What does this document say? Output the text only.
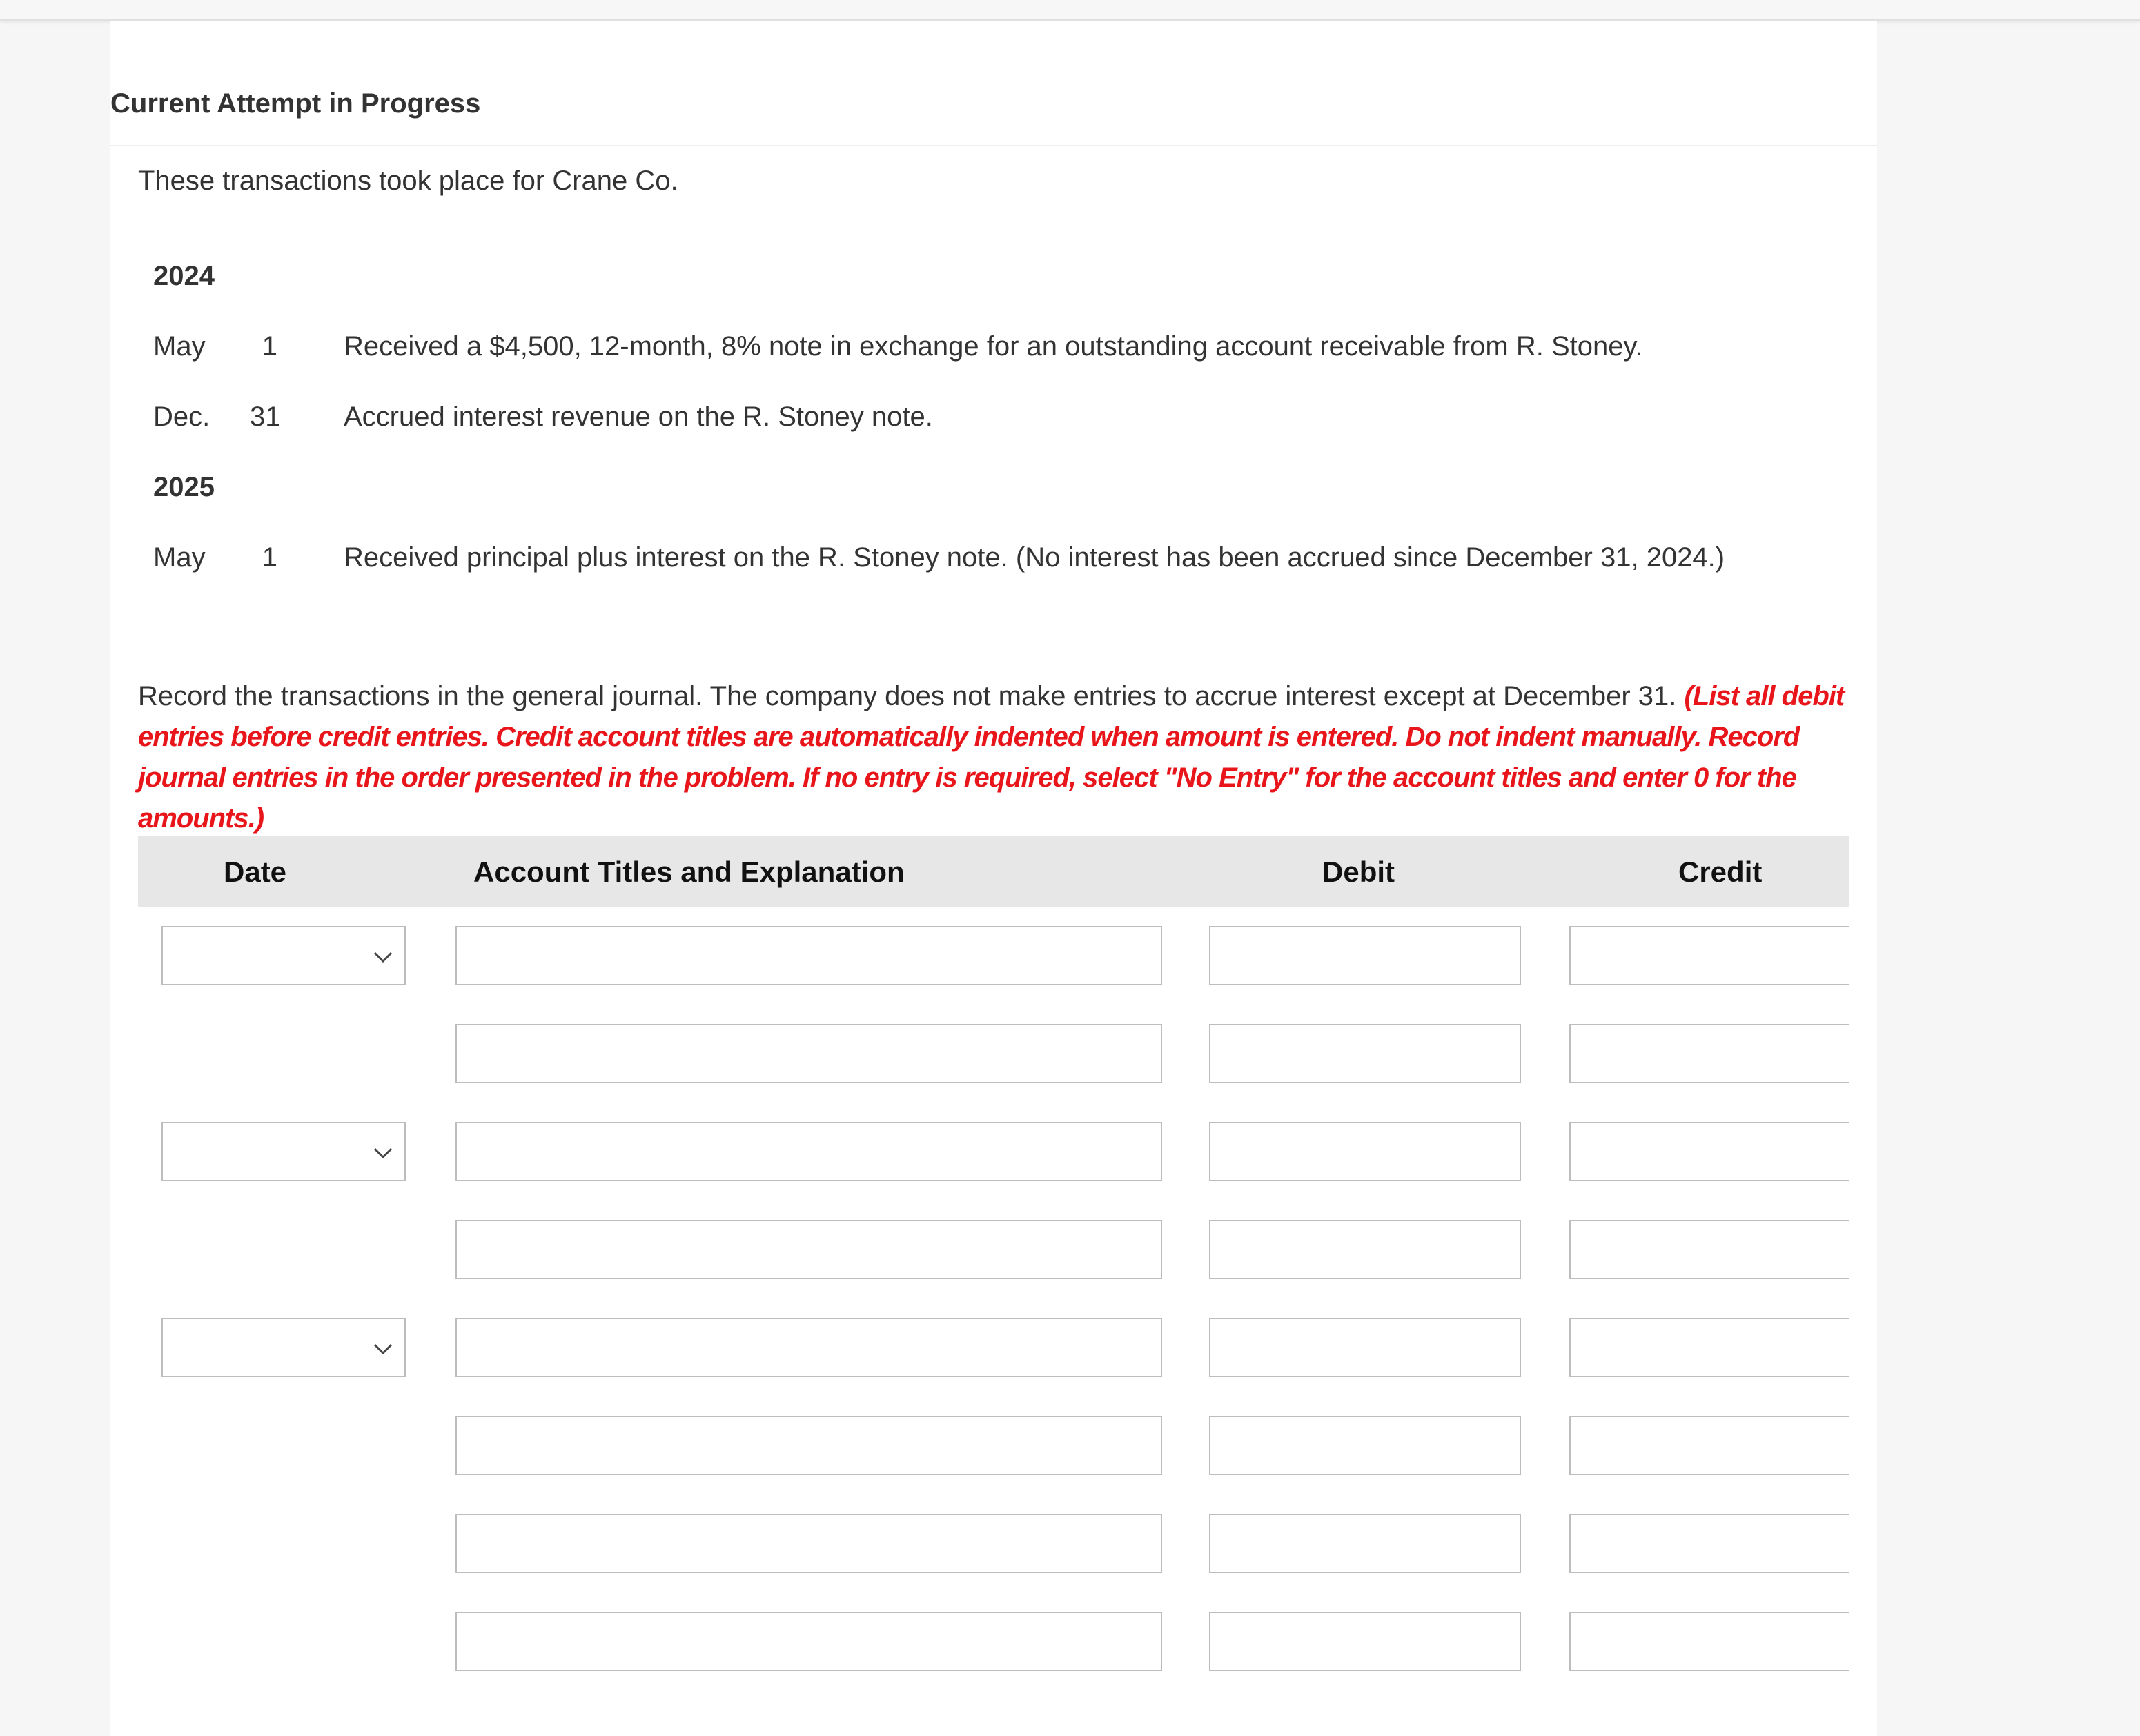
Current Attempt in Progress
These transactions took place for Crane Co.
2024
May	1 Received a $4,500, 12-month, 8% note in exchange for an outstanding account receivable from R. Stoney.
Dec. 31 Accrued interest revenue on the R. Stoney note.
2025
May	1 Received principal plus interest on the R. Stoney note. (No interest has been accrued since December 31, 2024.)
Record the transactions in the general journal. The company does not make entries to accrue interest except at December 31. (List all debit entries before credit entries. Credit account titles are automatically indented when amount is entered. Do not indent manually. Record journal entries in the order presented in the problem. If no entry is required, select "No Entry" for the account titles and enter 0 for the amounts.)
Date	Account Titles and Explanation	Debit	Credit
